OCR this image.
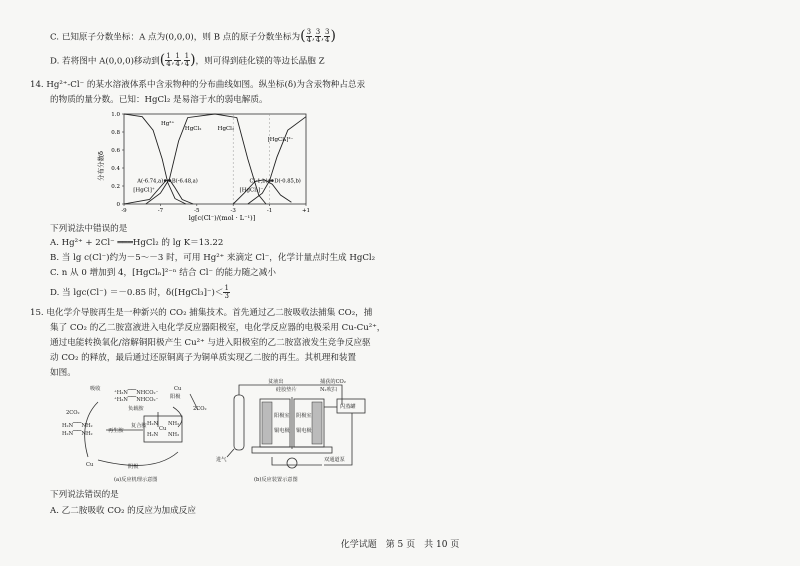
C. 已知原子分数坐标：A 点为(0,0,0)，则 B 点的原子分数坐标为( $\frac{3}{4}$ , $\frac{3}{4}$ , $\frac{3}{4}$ )
D. 若将图中 A(0,0,0)移动到( $\frac{1}{4}$ , $\frac{1}{4}$ , $\frac{1}{4}$ )，则可得到硅化镁的等边长晶胞 Z
14. Hg²⁺-Cl⁻ 的某水溶液体系中含汞物种的分布曲线如图。纵坐标(δ)为含汞物种占总汞
的物质的量分数。已知：HgCl₂ 是易溶于水的弱电解质。
-9	-7	-5	-3	-1	+1
0
0.2
0.4
0.6
0.8
1.0
A(-6.74,a) B(-6.48,a)	C(-1,b) D(-0.85,b)
Hg²⁺
HgCl₂	HgCl₂
[HgCl₄]²⁻
[HgCl]⁺	[HgCl₃]⁻
分布分数δ
lg[c(Cl⁻)/(mol · L⁻¹)]
下列说法中错误的是
A. Hg²⁺ + 2Cl⁻ ═══HgCl₂ 的 lg K＝13.22
B. 当 lg c(Cl⁻)约为－5～－3 时，可用 Hg²⁺ 来滴定 Cl⁻，化学计量点时生成 HgCl₂
C. n 从 0 增加到 4，[HgClₙ]²⁻ⁿ 结合 Cl⁻ 的能力随之减小
D. 当 lgc(Cl⁻) ＝－0.85 时，δ([HgCl₃]⁻)＜ $\frac{1}{3}$
15. 电化学介导胺再生是一种新兴的 CO₂ 捕集技术。首先通过乙二胺吸收法捕集 CO₂，捕
集了 CO₂ 的乙二胺富液进入电化学反应器阳极室，电化学反应器的电极采用 Cu-Cu²⁺，
通过电能转换氧化/溶解铜阳极产生 Cu²⁺ 与进入阳极室的乙二胺富液发生竞争反应驱
动 CO₂ 的释放，最后通过还原铜离子为铜单质实现乙二胺的再生。其机理和装置
如图。
吸收
2CO₂
⁺H₃N⁀⁀NHCO₂⁻
⁺H₃N⁀⁀NHCO₂⁻
负载胺
Cu
阳极
2CO₂
H₂N⁀⁀NH₂
H₂N⁀⁀NH₂	再生胺
复合胺 H₂N
H₂N
Cu
NH₂
NH₂
Cu	阴极
(a)反应机理示意图
贫液出
硅胶垫片
捕获的CO₂
N₂吹扫
闪蒸罐
阳极室 阴极室
铜电极 铜电极
进气	双通道泵
(b)反应装置示意图
下列说法错误的是
A. 乙二胺吸收 CO₂ 的反应为加成反应
化学试题　第 5 页　共 10 页
